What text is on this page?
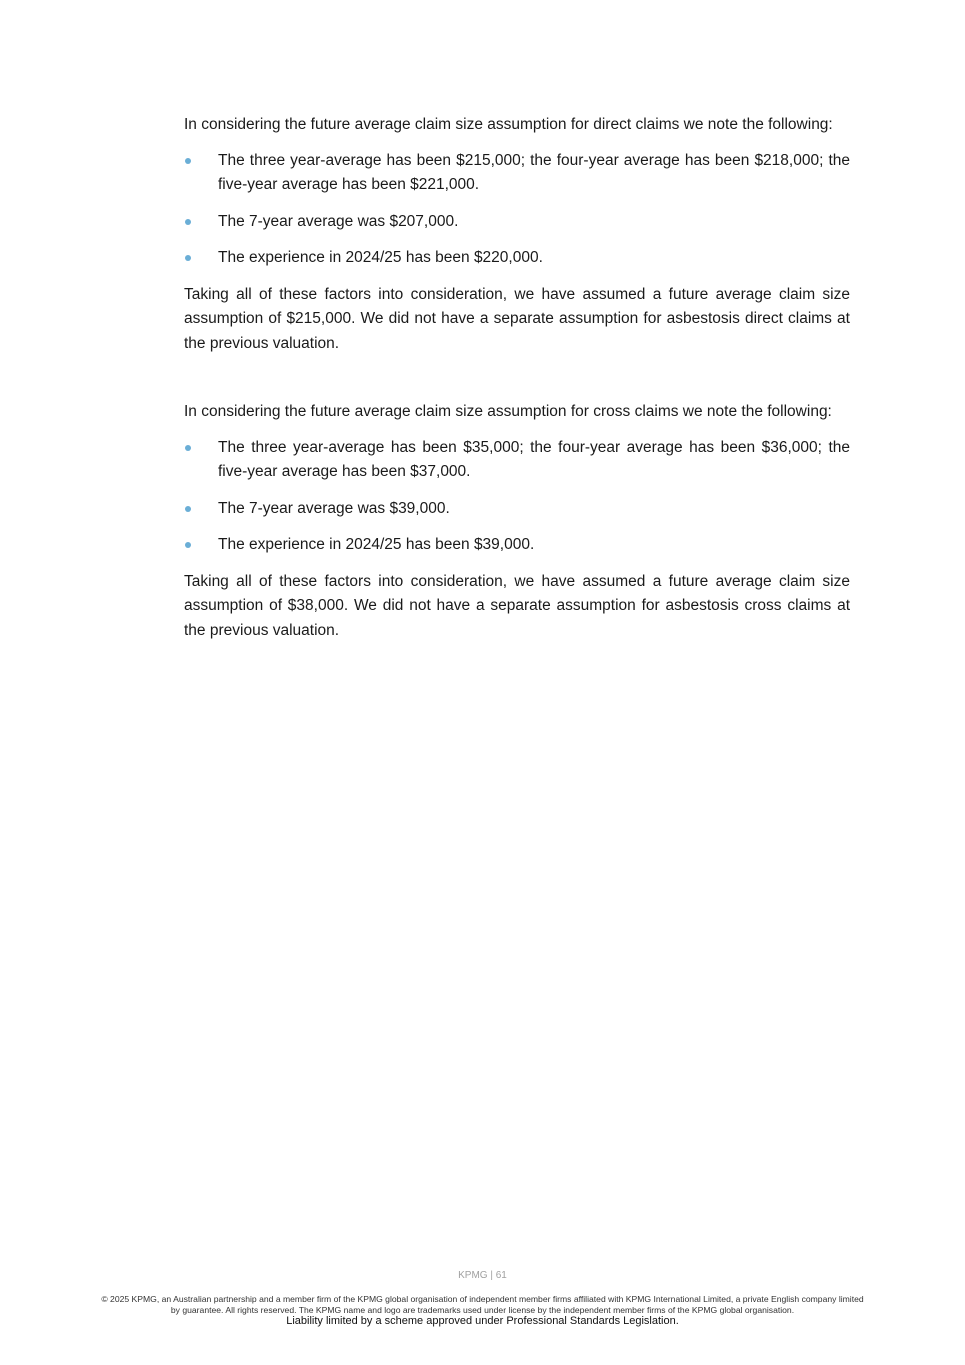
In considering the future average claim size assumption for direct claims we note the following:

The three year-average has been $215,000; the four-year average has been $218,000; the five-year average has been $221,000.
The 7-year average was $207,000.
The experience in 2024/25 has been $220,000.

Taking all of these factors into consideration, we have assumed a future average claim size assumption of $215,000. We did not have a separate assumption for asbestosis direct claims at the previous valuation.

In considering the future average claim size assumption for cross claims we note the following:

The three year-average has been $35,000; the four-year average has been $36,000; the five-year average has been $37,000.
The 7-year average was $39,000.
The experience in 2024/25 has been $39,000.

Taking all of these factors into consideration, we have assumed a future average claim size assumption of $38,000. We did not have a separate assumption for asbestosis cross claims at the previous valuation.

KPMG | 61
© 2025 KPMG, an Australian partnership and a member firm of the KPMG global organisation of independent member firms affiliated with KPMG International Limited, a private English company limited by guarantee. All rights reserved. The KPMG name and logo are trademarks used under license by the independent member firms of the KPMG global organisation.
Liability limited by a scheme approved under Professional Standards Legislation.
